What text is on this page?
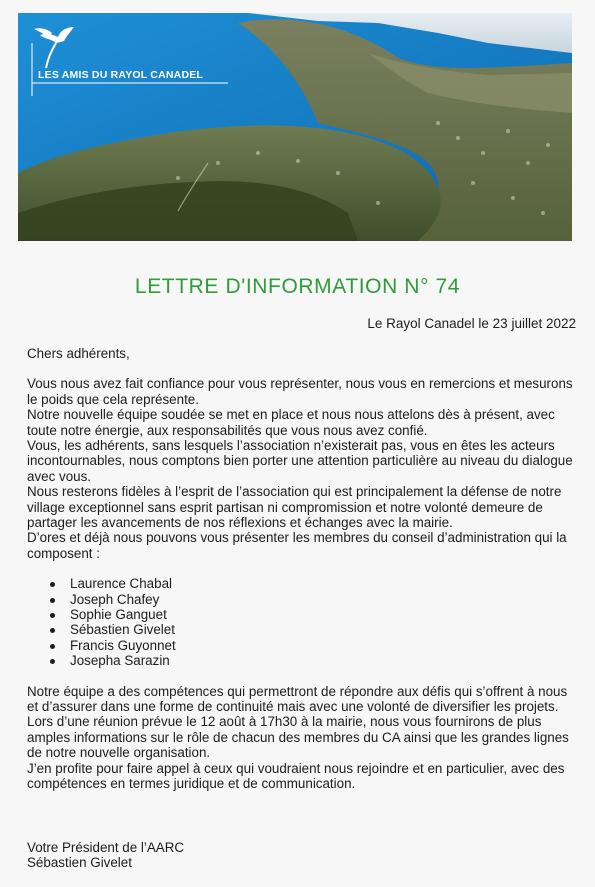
LES AMIS DU RAYOL CANADEL
LETTRE D'INFORMATION N° 74
Le Rayol Canadel le 23 juillet 2022

Chers adhérents,

Vous nous avez fait confiance pour vous représenter, nous vous en remercions et mesurons le poids que cela représente.

Notre nouvelle équipe soudée se met en place et nous nous attelons dès à présent, avec toute notre énergie, aux responsabilités que vous nous avez confié.

Vous, les adhérents, sans lesquels l’association n’existerait pas, vous en êtes les acteurs incontournables, nous comptons bien porter une attention particulière au niveau du dialogue avec vous.

Nous resterons fidèles à l’esprit de l’association qui est principalement la défense de notre village exceptionnel sans esprit partisan ni compromission et notre volonté demeure de partager les avancements de nos réflexions et échanges avec la mairie.

D’ores et déjà nous pouvons vous présenter les membres du conseil d’administration qui la composent :

Laurence Chabal
Joseph Chafey
Sophie Ganguet
Sébastien Givelet
Francis Guyonnet
Josepha Sarazin

Notre équipe a des compétences qui permettront de répondre aux défis qui s’offrent à nous et d’assurer dans une forme de continuité mais avec une volonté de diversifier les projets.

Lors d’une réunion prévue le 12 août à 17h30 à la mairie, nous vous fournirons de plus amples informations sur le rôle de chacun des membres du CA ainsi que les grandes lignes de notre nouvelle organisation.

J’en profite pour faire appel à ceux qui voudraient nous rejoindre et en particulier, avec des compétences en termes juridique et de communication.

Votre Président de l’AARC
Sébastien Givelet
